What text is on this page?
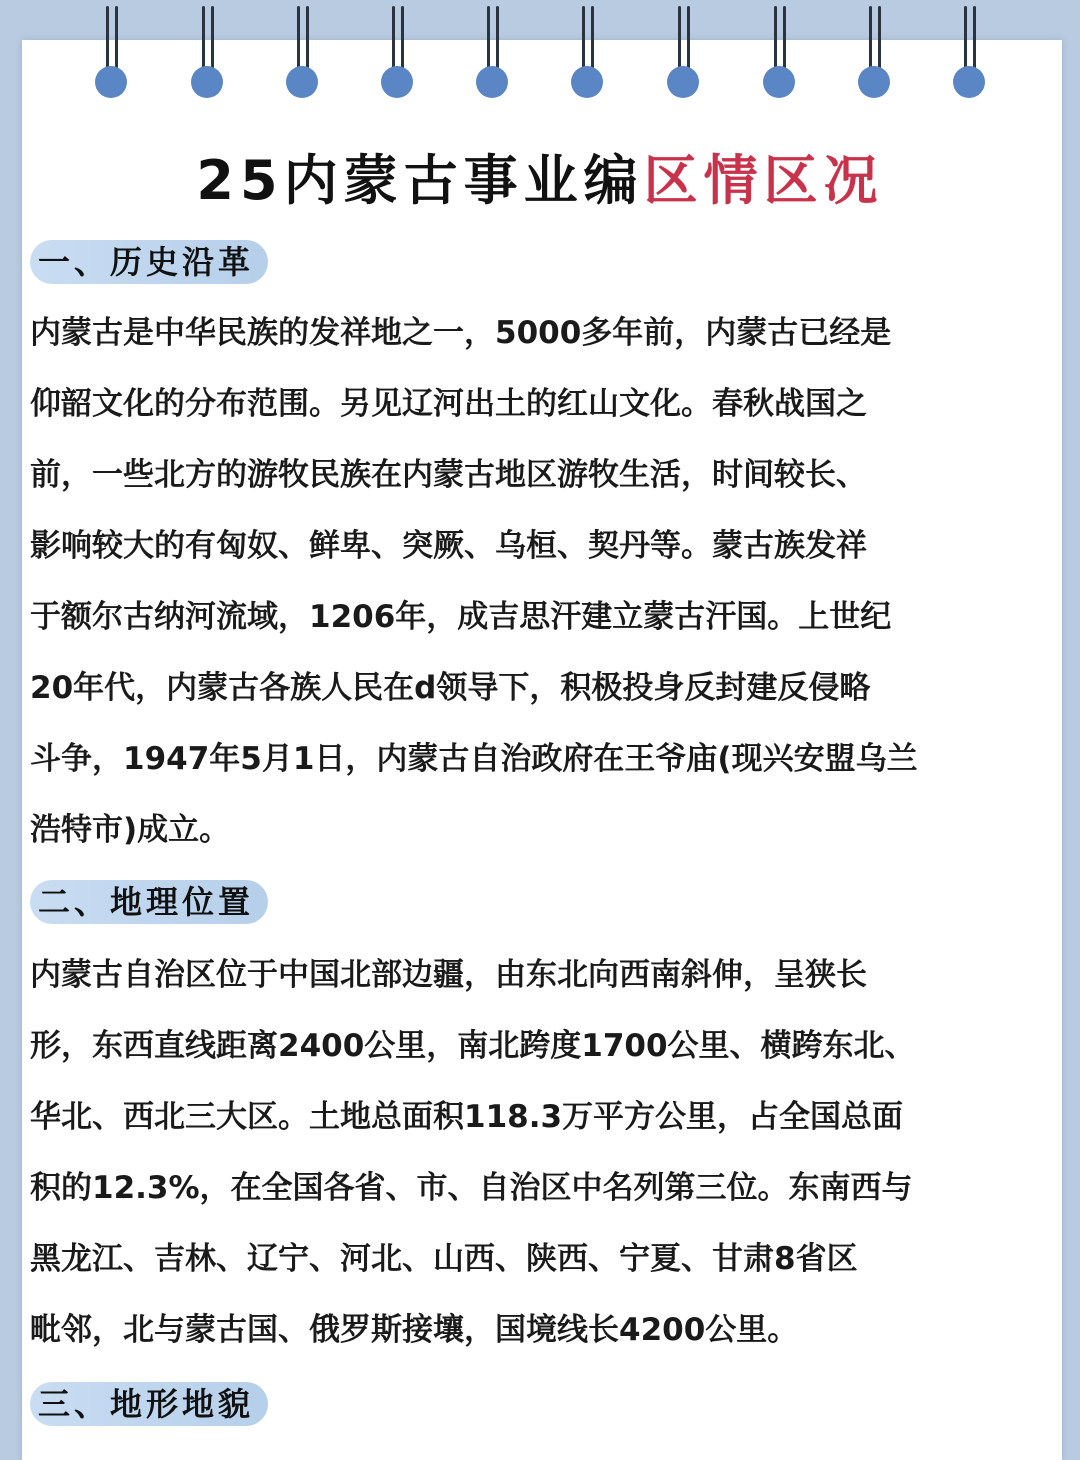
25内蒙古事业编区情区况
一、历史沿革
内蒙古是中华民族的发祥地之一，5000多年前，内蒙古已经是
仰韶文化的分布范围。另见辽河出土的红山文化。春秋战国之
前，一些北方的游牧民族在内蒙古地区游牧生活，时间较长、
影响较大的有匈奴、鲜卑、突厥、乌桓、契丹等。蒙古族发祥
于额尔古纳河流域，1206年，成吉思汗建立蒙古汗国。上世纪
20年代，内蒙古各族人民在d领导下，积极投身反封建反侵略
斗争，1947年5月1日，内蒙古自治政府在王爷庙(现兴安盟乌兰
浩特市)成立。
二、地理位置
内蒙古自治区位于中国北部边疆，由东北向西南斜伸，呈狭长
形，东西直线距离2400公里，南北跨度1700公里、横跨东北、
华北、西北三大区。土地总面积118.3万平方公里，占全国总面
积的12.3%，在全国各省、市、自治区中名列第三位。东南西与
黑龙江、吉林、辽宁、河北、山西、陕西、宁夏、甘肃8省区
毗邻，北与蒙古国、俄罗斯接壤，国境线长4200公里。
三、地形地貌
